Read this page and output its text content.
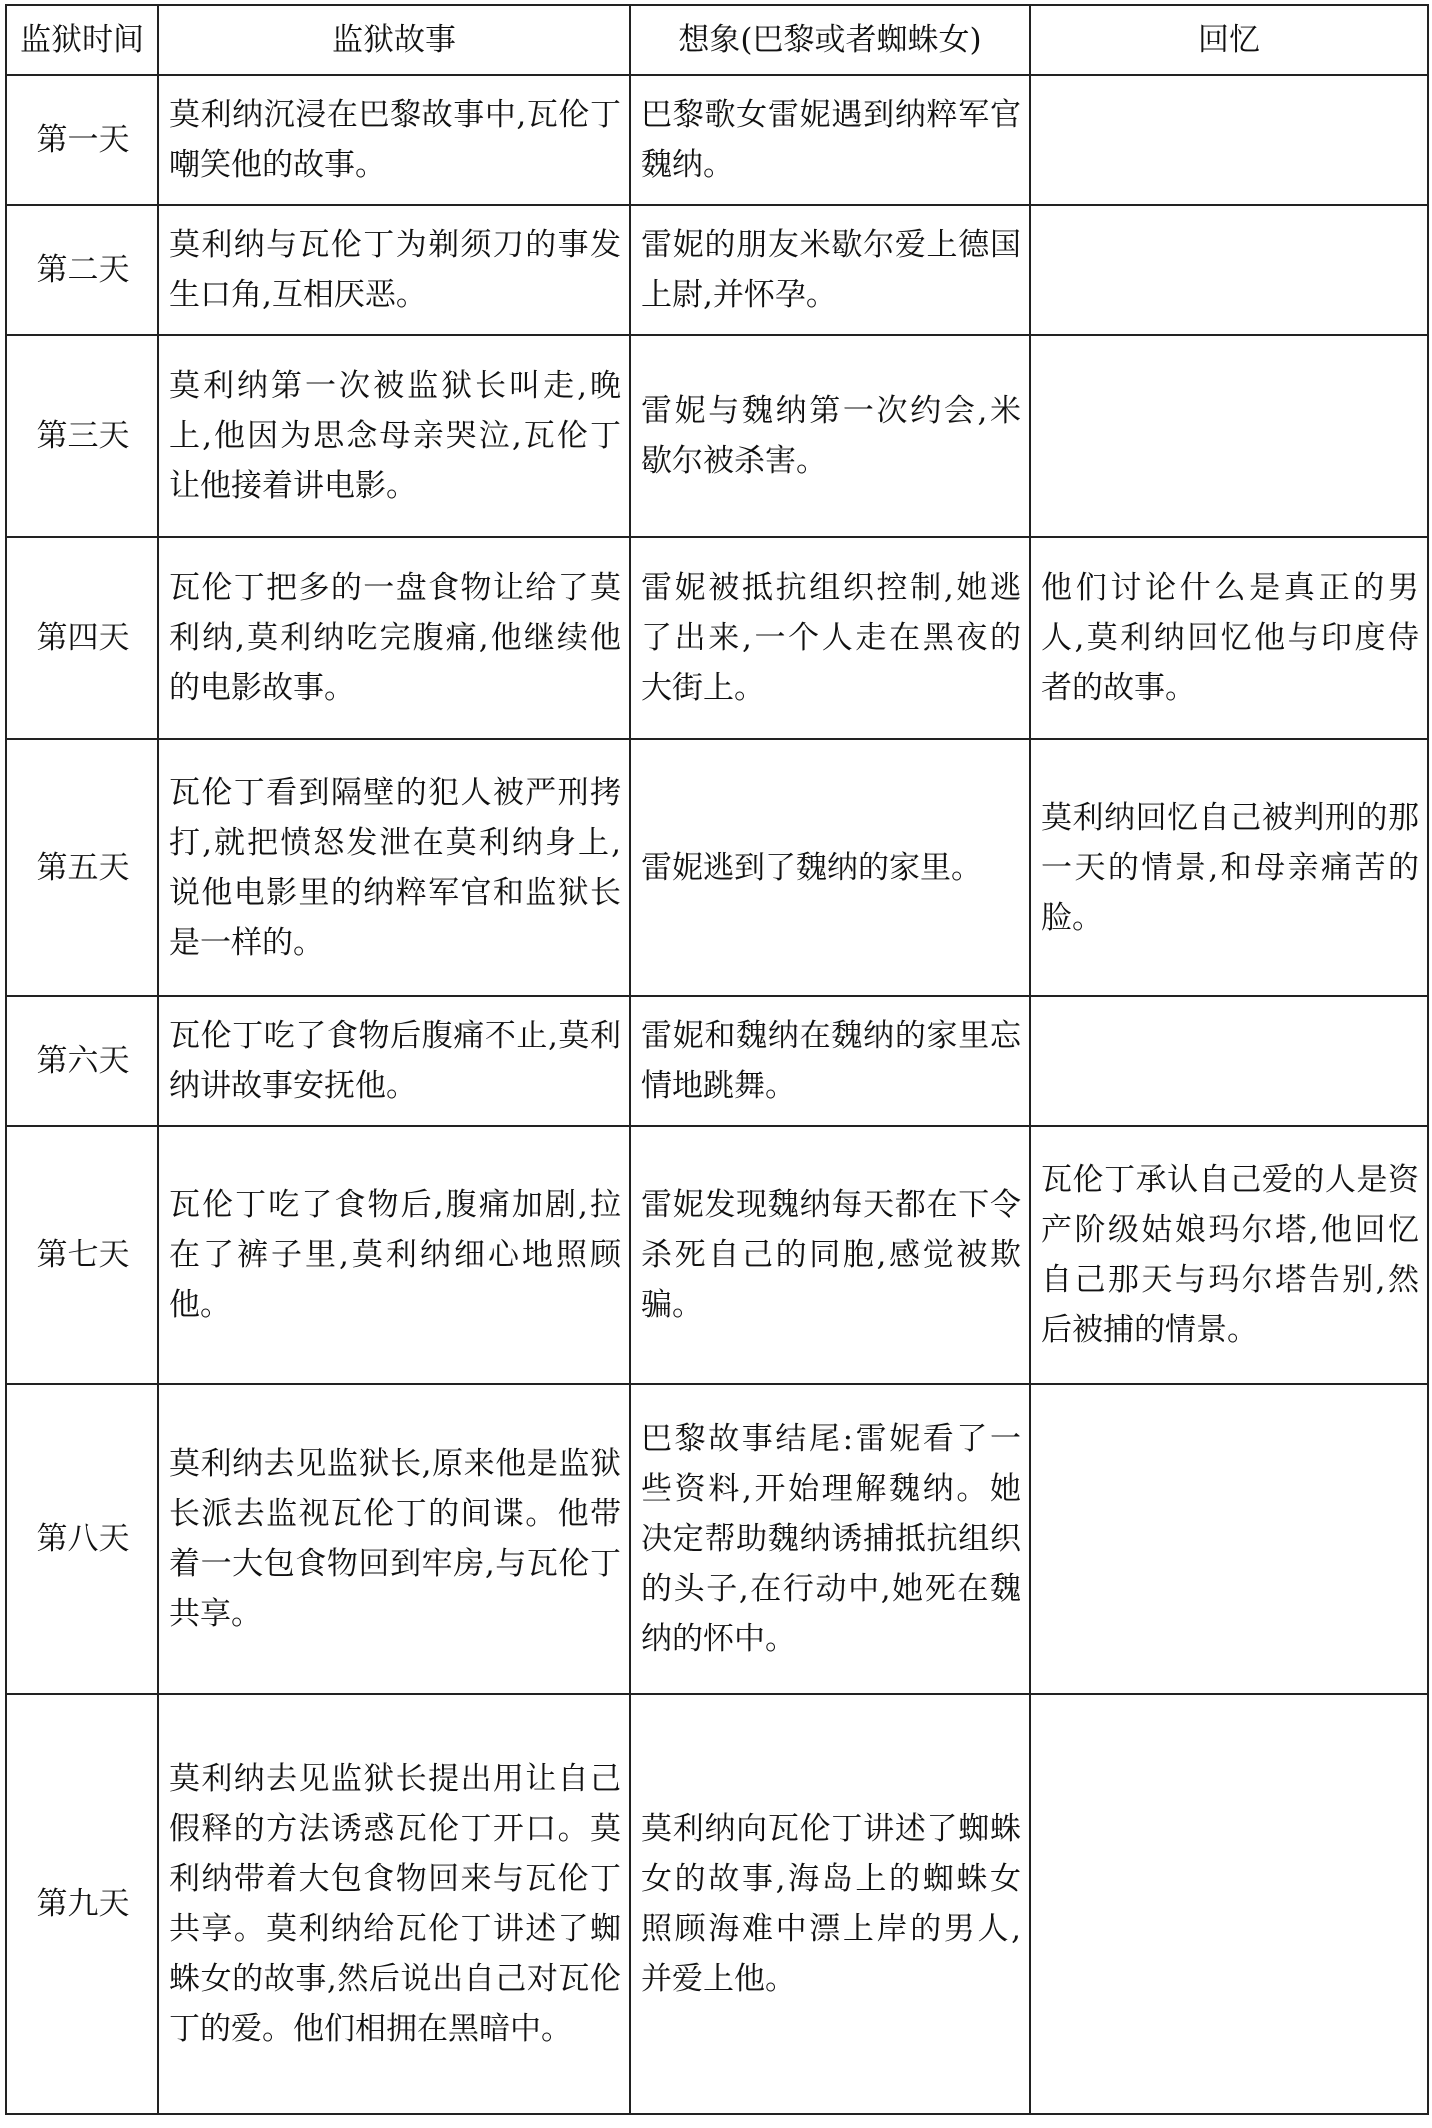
监狱时间	监狱故事	想象(巴黎或者蜘蛛女)	回忆
第一天	莫利纳沉浸在巴黎故事中,瓦伦丁嘲笑他的故事。	巴黎歌女雷妮遇到纳粹军官魏纳。	
第二天	莫利纳与瓦伦丁为剃须刀的事发生口角,互相厌恶。	雷妮的朋友米歇尔爱上德国上尉,并怀孕。	
第三天	莫利纳第一次被监狱长叫走,晚上,他因为思念母亲哭泣,瓦伦丁让他接着讲电影。	雷妮与魏纳第一次约会,米歇尔被杀害。	
第四天	瓦伦丁把多的一盘食物让给了莫利纳,莫利纳吃完腹痛,他继续他的电影故事。	雷妮被抵抗组织控制,她逃了出来,一个人走在黑夜的大街上。	他们讨论什么是真正的男人,莫利纳回忆他与印度侍者的故事。
第五天	瓦伦丁看到隔壁的犯人被严刑拷打,就把愤怒发泄在莫利纳身上,说他电影里的纳粹军官和监狱长是一样的。	雷妮逃到了魏纳的家里。	莫利纳回忆自己被判刑的那一天的情景,和母亲痛苦的脸。
第六天	瓦伦丁吃了食物后腹痛不止,莫利纳讲故事安抚他。	雷妮和魏纳在魏纳的家里忘情地跳舞。	
第七天	瓦伦丁吃了食物后,腹痛加剧,拉在了裤子里,莫利纳细心地照顾他。	雷妮发现魏纳每天都在下令杀死自己的同胞,感觉被欺骗。	瓦伦丁承认自己爱的人是资产阶级姑娘玛尔塔,他回忆自己那天与玛尔塔告别,然后被捕的情景。
第八天	莫利纳去见监狱长,原来他是监狱长派去监视瓦伦丁的间谍。他带着一大包食物回到牢房,与瓦伦丁共享。	巴黎故事结尾:雷妮看了一些资料,开始理解魏纳。她决定帮助魏纳诱捕抵抗组织的头子,在行动中,她死在魏纳的怀中。	
第九天	莫利纳去见监狱长提出用让自己假释的方法诱惑瓦伦丁开口。莫利纳带着大包食物回来与瓦伦丁共享。莫利纳给瓦伦丁讲述了蜘蛛女的故事,然后说出自己对瓦伦丁的爱。他们相拥在黑暗中。	莫利纳向瓦伦丁讲述了蜘蛛女的故事,海岛上的蜘蛛女照顾海难中漂上岸的男人,并爱上他。	
